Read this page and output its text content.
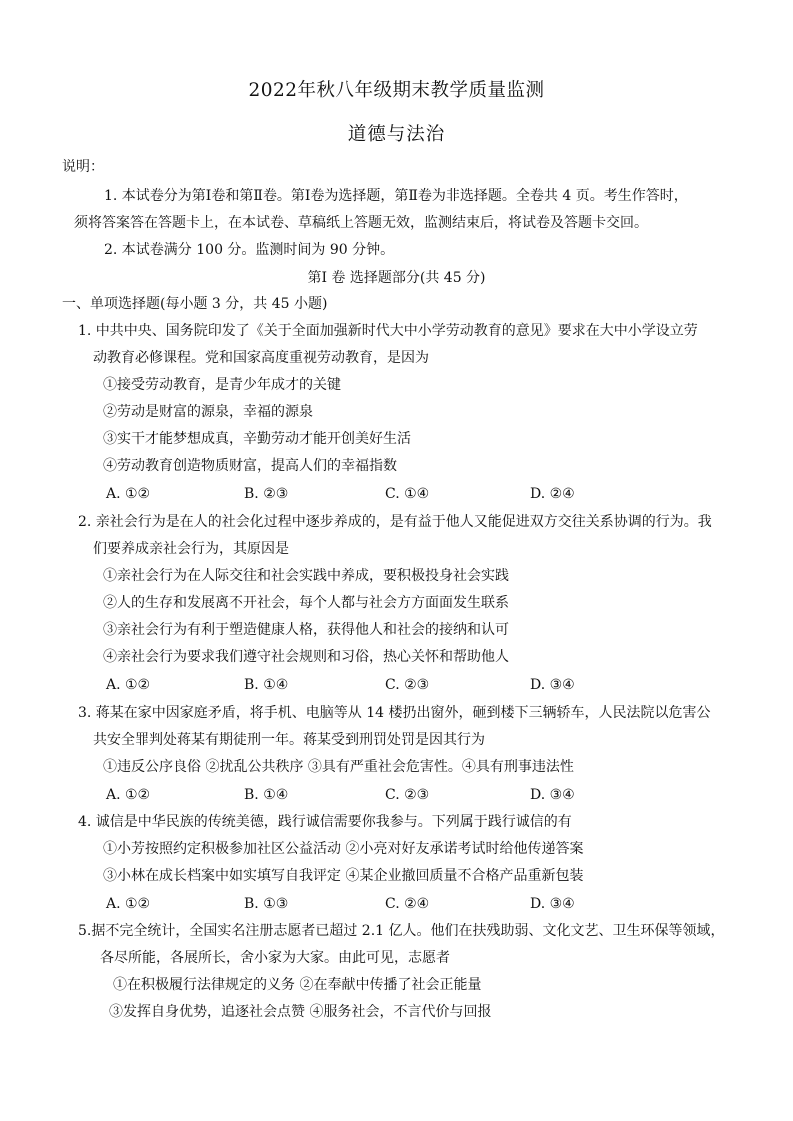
2022年秋八年级期末教学质量监测
道德与法治
说明：
1. 本试卷分为第Ⅰ卷和第Ⅱ卷。第Ⅰ卷为选择题，第Ⅱ卷为非选择题。全卷共 4 页。考生作答时，
须将答案答在答题卡上，在本试卷、草稿纸上答题无效，监测结束后，将试卷及答题卡交回。
2. 本试卷满分 100 分。监测时间为 90 分钟。
第Ⅰ 卷 选择题部分(共 45 分)
一、单项选择题(每小题 3 分，共 45 小题)
1. 中共中央、国务院印发了《关于全面加强新时代大中小学劳动教育的意见》要求在大中小学设立劳
动教育必修课程。党和国家高度重视劳动教育，是因为
①接受劳动教育，是青少年成才的关键
②劳动是财富的源泉，幸福的源泉
③实干才能梦想成真，辛勤劳动才能开创美好生活
④劳动教育创造物质财富，提高人们的幸福指数
A. ①②	B. ②③	C. ①④	D. ②④
2. 亲社会行为是在人的社会化过程中逐步养成的，是有益于他人又能促进双方交往关系协调的行为。我
们要养成亲社会行为，其原因是
①亲社会行为在人际交往和社会实践中养成，要积极投身社会实践
②人的生存和发展离不开社会，每个人都与社会方方面面发生联系
③亲社会行为有利于塑造健康人格，获得他人和社会的接纳和认可
④亲社会行为要求我们遵守社会规则和习俗，热心关怀和帮助他人
A. ①②	B. ①④	C. ②③	D. ③④
3. 蒋某在家中因家庭矛盾，将手机、电脑等从 14 楼扔出窗外，砸到楼下三辆轿车，人民法院以危害公
共安全罪判处蒋某有期徒刑一年。蒋某受到刑罚处罚是因其行为
①违反公序良俗 ②扰乱公共秩序 ③具有严重社会危害性。④具有刑事违法性
A. ①②	B. ①④	C. ②③	D. ③④
4. 诚信是中华民族的传统美德，践行诚信需要你我参与。下列属于践行诚信的有
①小芳按照约定积极参加社区公益活动 ②小亮对好友承诺考试时给他传递答案
③小林在成长档案中如实填写自我评定 ④某企业撤回质量不合格产品重新包装
A. ①②	B. ①③	C. ②④	D. ③④
5.据不完全统计，全国实名注册志愿者已超过 2.1 亿人。他们在扶残助弱、文化文艺、卫生环保等领域，
各尽所能，各展所长，舍小家为大家。由此可见，志愿者
①在积极履行法律规定的义务 ②在奉献中传播了社会正能量
③发挥自身优势，追逐社会点赞 ④服务社会，不言代价与回报
